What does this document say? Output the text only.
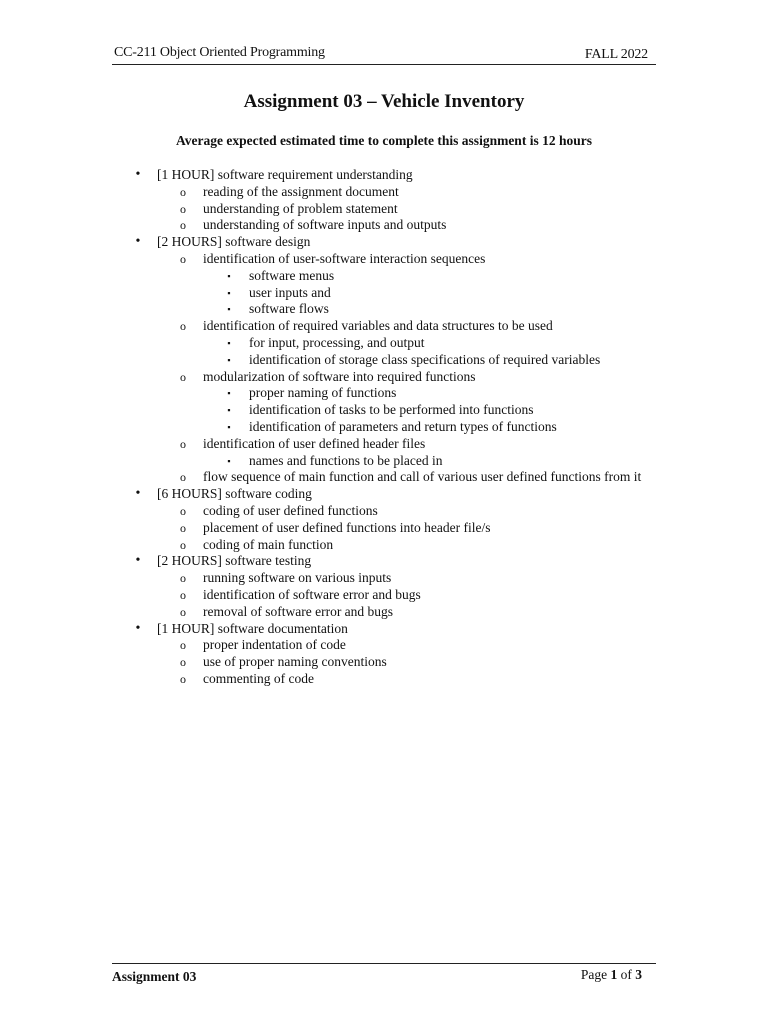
CC-211 Object Oriented Programming	FALL 2022
Assignment 03 – Vehicle Inventory
Average expected estimated time to complete this assignment is 12 hours
• [1 HOUR] software requirement understanding
o reading of the assignment document
o understanding of problem statement
o understanding of software inputs and outputs
• [2 HOURS] software design
o identification of user-software interaction sequences
▪ software menus
▪ user inputs and
▪ software flows
o identification of required variables and data structures to be used
▪ for input, processing, and output
▪ identification of storage class specifications of required variables
o modularization of software into required functions
▪ proper naming of functions
▪ identification of tasks to be performed into functions
▪ identification of parameters and return types of functions
o identification of user defined header files
▪ names and functions to be placed in
o flow sequence of main function and call of various user defined functions from it
• [6 HOURS] software coding
o coding of user defined functions
o placement of user defined functions into header file/s
o coding of main function
• [2 HOURS] software testing
o running software on various inputs
o identification of software error and bugs
o removal of software error and bugs
• [1 HOUR] software documentation
o proper indentation of code
o use of proper naming conventions
o commenting of code
Assignment 03	Page 1 of 3
